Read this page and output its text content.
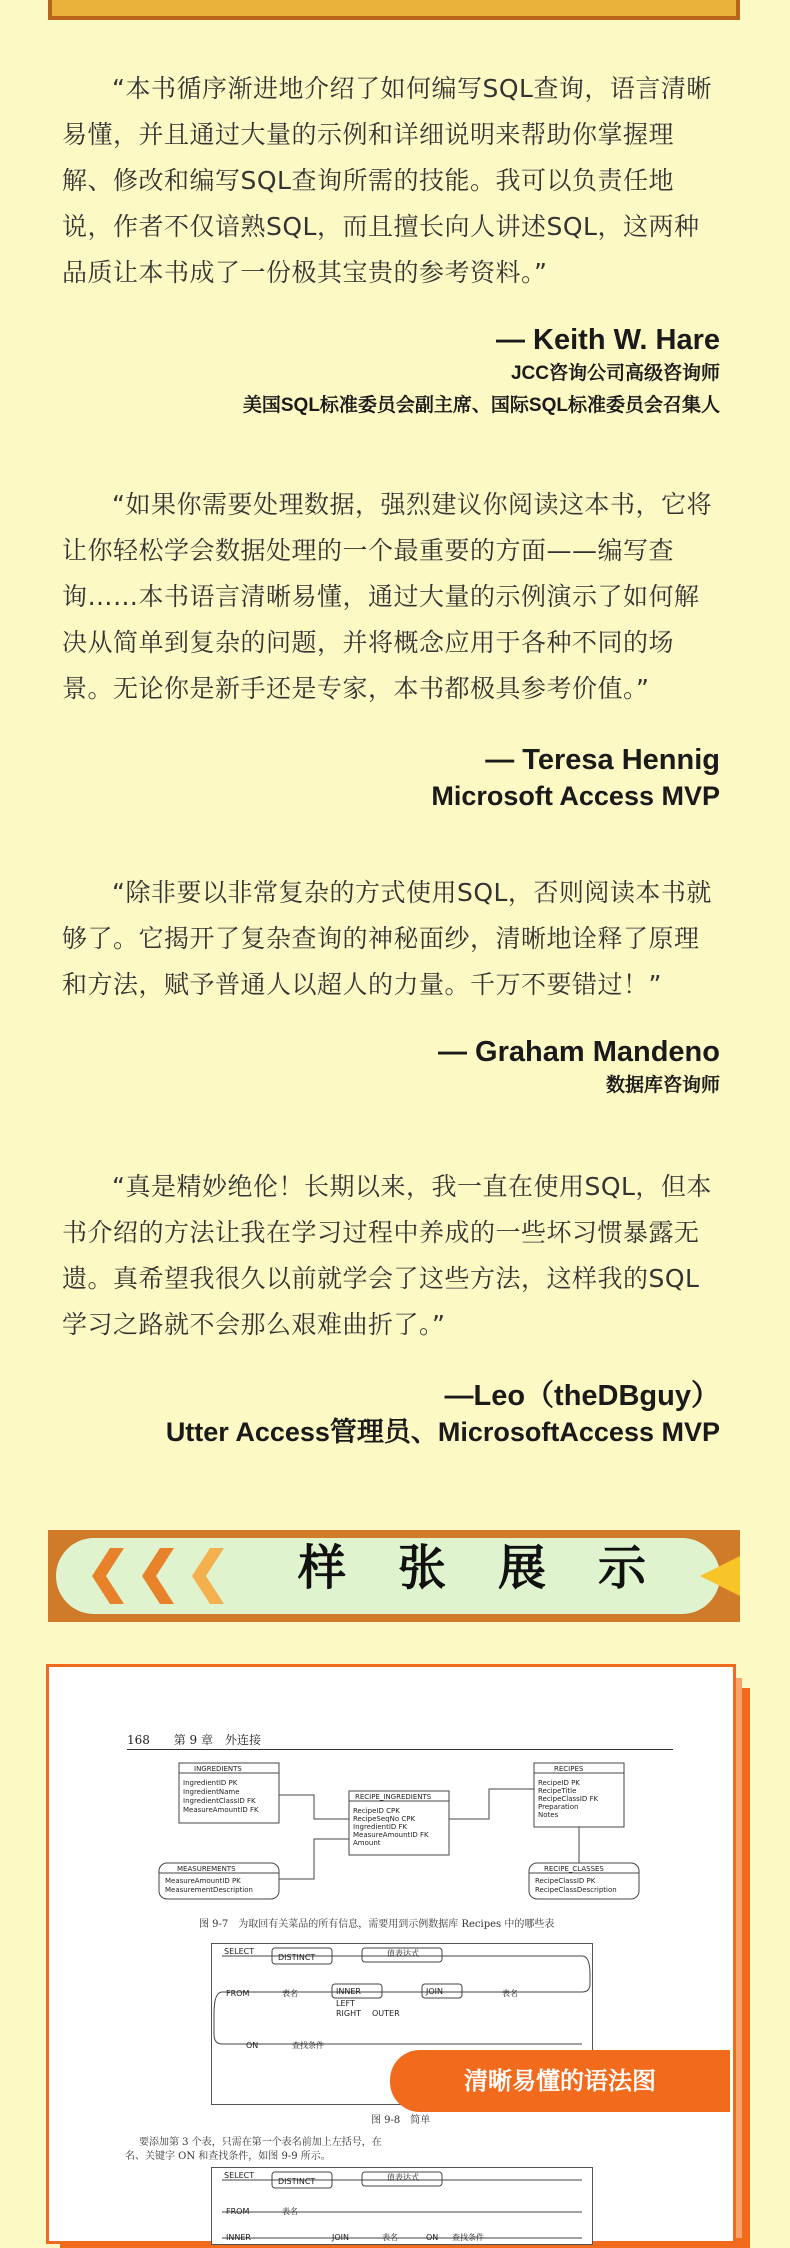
“本书循序渐进地介绍了如何编写SQL查询，语言清晰易懂，并且通过大量的示例和详细说明来帮助你掌握理解、修改和编写SQL查询所需的技能。我可以负责任地说，作者不仅谙熟SQL，而且擅长向人讲述SQL，这两种品质让本书成了一份极其宝贵的参考资料。”

— Keith W. Hare
JCC咨询公司高级咨询师
美国SQL标准委员会副主席、国际SQL标准委员会召集人

“如果你需要处理数据，强烈建议你阅读这本书，它将让你轻松学会数据处理的一个最重要的方面——编写查询……本书语言清晰易懂，通过大量的示例演示了如何解决从简单到复杂的问题，并将概念应用于各种不同的场景。无论你是新手还是专家，本书都极具参考价值。”

— Teresa Hennig
Microsoft Access MVP

“除非要以非常复杂的方式使用SQL，否则阅读本书就够了。它揭开了复杂查询的神秘面纱，清晰地诠释了原理和方法，赋予普通人以超人的力量。千万不要错过！”

— Graham Mandeno
数据库咨询师

“真是精妙绝伦！长期以来，我一直在使用SQL，但本书介绍的方法让我在学习过程中养成的一些坏习惯暴露无遗。真希望我很久以前就学会了这些方法，这样我的SQL学习之路就不会那么艰难曲折了。”

—Leo（theDBguy）
Utter Access管理员、MicrosoftAccess MVP
样张展示
168 第 9 章　外连接
INGREDIENTS
IngredientID PK
IngredientName
IngredientClassID FK
MeasureAmountID FK
RECIPE_INGREDIENTS
RecipeID CPK
RecipeSeqNo CPK
IngredientID FK
MeasureAmountID FK
Amount
RECIPES
RecipeID PK
RecipeTitle
RecipeClassID FK
Preparation
Notes
MEASUREMENTS
MeasureAmountID PK
MeasurementDescription
RECIPE_CLASSES
RecipeClassID PK
RecipeClassDescription
图 9-7　为取回有关菜品的所有信息，需要用到示例数据库 Recipes 中的哪些表
SELECT
DISTINCT	值表达式
FROM	表名	INNER
LEFT
RIGHT OUTER
JOIN	表名
ON	查找条件
图 9-8　简单
要添加第 3 个表，只需在第一个表名前加上左括号，在
名、关键字 ON 和查找条件，如图 9-9 所示。
SELECT
DISTINCT	值表达式
FROM	表名
INNER	JOIN	表名	ON 查找条件
清晰易懂的语法图
